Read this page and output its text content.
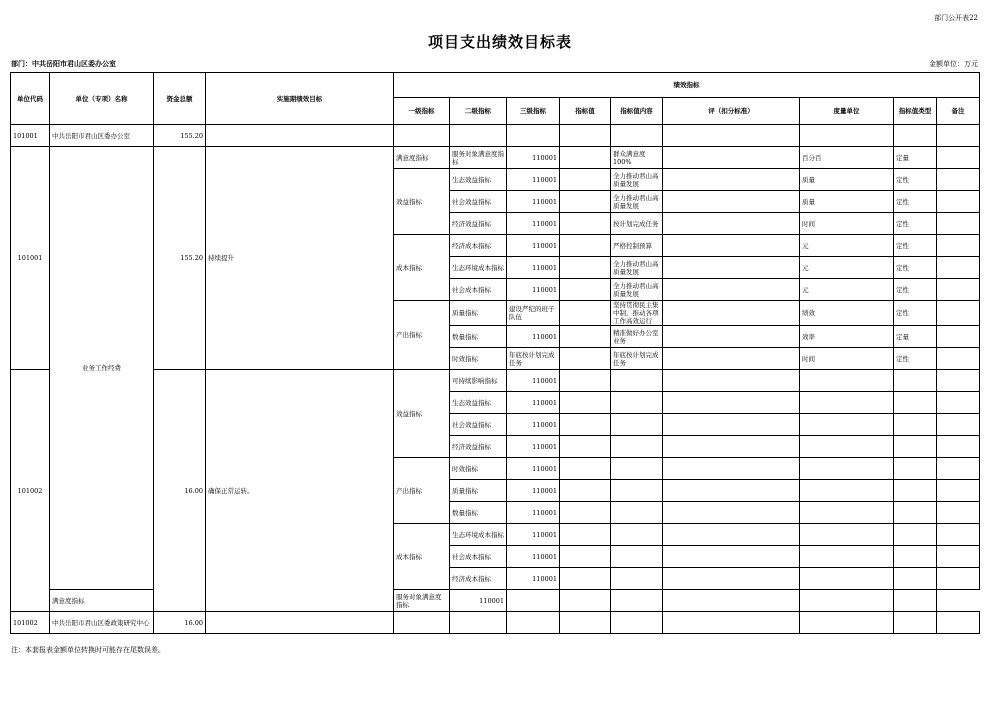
部门公开表22
项目支出绩效目标表
部门：中共岳阳市君山区委办公室	金额单位：万元
单位代码	单位（专项）名称	资金总额	实施期绩效目标	绩效指标								
				一级指标	二级指标	三级指标	指标值	指标值内容	评（扣分标准）	度量单位	指标值类型	备注
101001	中共岳阳市君山区委办公室	155.20										
101001	业务工作经费	155.20	持续提升	满意度指标	服务对象满意度指标	110001		群众满意度100%		百分百	定量	
				效益指标	生态效益指标	110001		全力推动君山高质量发展		质量	定性	
					社会效益指标	110001		全力推动君山高质量发展		质量	定性	
					经济效益指标	110001		按计划完成任务		时间	定性	
				成本指标	经济成本指标	110001		严格控制预算		元	定性	
					生态环境成本指标	110001		全力推动君山高质量发展		元	定性	
					社会成本指标	110001		全力推动君山高质量发展		元	定性	
				产出指标	质量指标	建设严纪的班子队伍		坚持贯彻民主集中制，推动各项工作高效运行		绩效	定性	
					数量指标	110001		精准做好办公室业务		效率	定量	
					时效指标	年底按计划完成任务		年底按计划完成任务		时间	定性	
101002		16.00	确保正常运转。	效益指标	可持续影响指标	110001						
					生态效益指标	110001						
					社会效益指标	110001						
					经济效益指标	110001						
				产出指标	时效指标	110001						
					质量指标	110001						
					数量指标	110001						
				成本指标	生态环境成本指标	110001						
					社会成本指标	110001						
					经济成本指标	110001						
	满意度指标			服务对象满意度指标	110001							
101002	中共岳阳市君山区委政策研究中心	16.00										
注：本套报表金额单位转换时可能存在尾数误差。
